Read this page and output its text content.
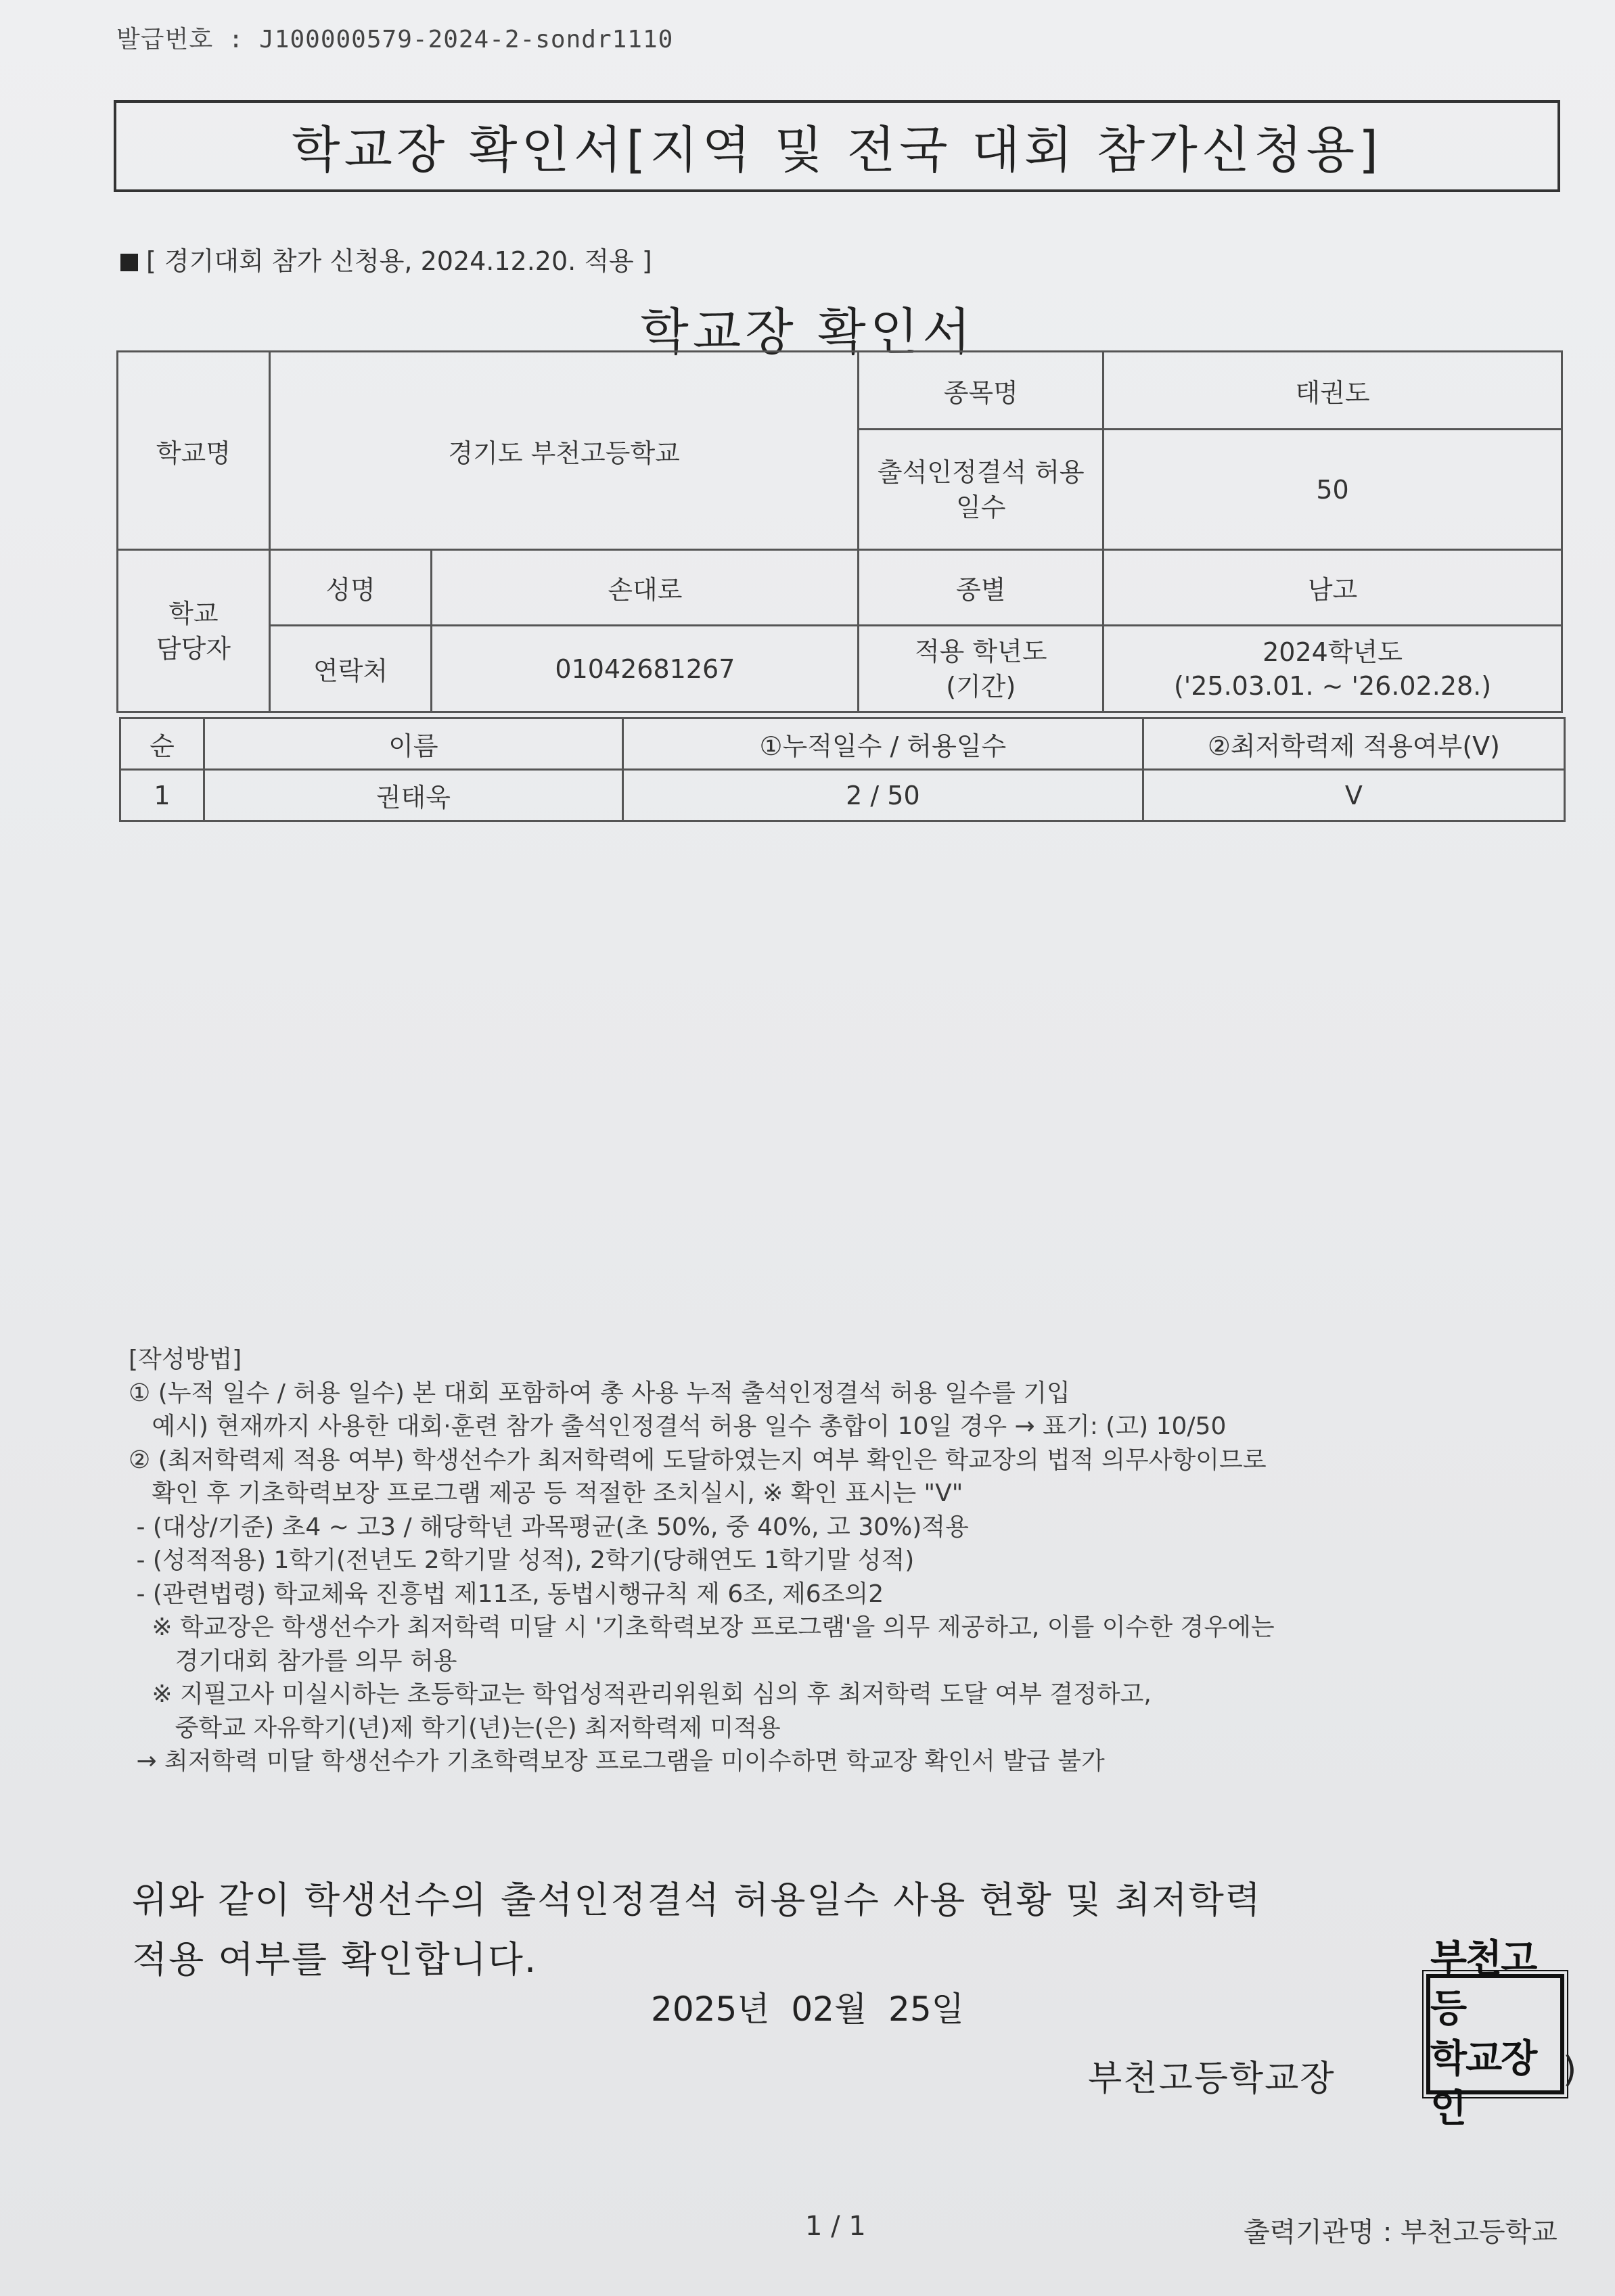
발급번호 : J100000579-2024-2-sondr1110
학교장 확인서[지역 및 전국 대회 참가신청용]
[ 경기대회 참가 신청용, 2024.12.20. 적용 ]
학교장 확인서
학교명	경기도 부천고등학교		종목명	태권도
			출석인정결석 허용 일수	50
학교 담당자	성명	손대로	종별	남고
	연락처	01042681267	적용 학년도 (기간)	2024학년도
('25.03.01. ~ '26.02.28.)
순	이름	①누적일수 / 허용일수	②최저학력제 적용여부(V)
1	권태욱	2 / 50	V
[작성방법]
① (누적 일수 / 허용 일수) 본 대회 포함하여 총 사용 누적 출석인정결석 허용 일수를 기입
예시) 현재까지 사용한 대회·훈련 참가 출석인정결석 허용 일수 총합이 10일 경우 → 표기: (고) 10/50
② (최저학력제 적용 여부) 학생선수가 최저학력에 도달하였는지 여부 확인은 학교장의 법적 의무사항이므로
확인 후 기초학력보장 프로그램 제공 등 적절한 조치실시, ※ 확인 표시는 "V"
- (대상/기준) 초4 ~ 고3 / 해당학년 과목평균(초 50%, 중 40%, 고 30%)적용
- (성적적용) 1학기(전년도 2학기말 성적), 2학기(당해연도 1학기말 성적)
- (관련법령) 학교체육 진흥법 제11조, 동법시행규칙 제 6조, 제6조의2
※ 학교장은 학생선수가 최저학력 미달 시 '기초학력보장 프로그램'을 의무 제공하고, 이를 이수한 경우에는
경기대회 참가를 의무 허용
※ 지필고사 미실시하는 초등학교는 학업성적관리위원회 심의 후 최저학력 도달 여부 결정하고,
중학교 자유학기(년)제 학기(년)는(은) 최저학력제 미적용
→ 최저학력 미달 학생선수가 기초학력보장 프로그램을 미이수하면 학교장 확인서 발급 불가
위와 같이 학생선수의 출석인정결석 허용일수 사용 현황 및 최저학력
적용 여부를 확인합니다.
2025년  02월  25일
부천고등학교장
부천고등
학교장인
)
1 / 1	출력기관명 : 부천고등학교
